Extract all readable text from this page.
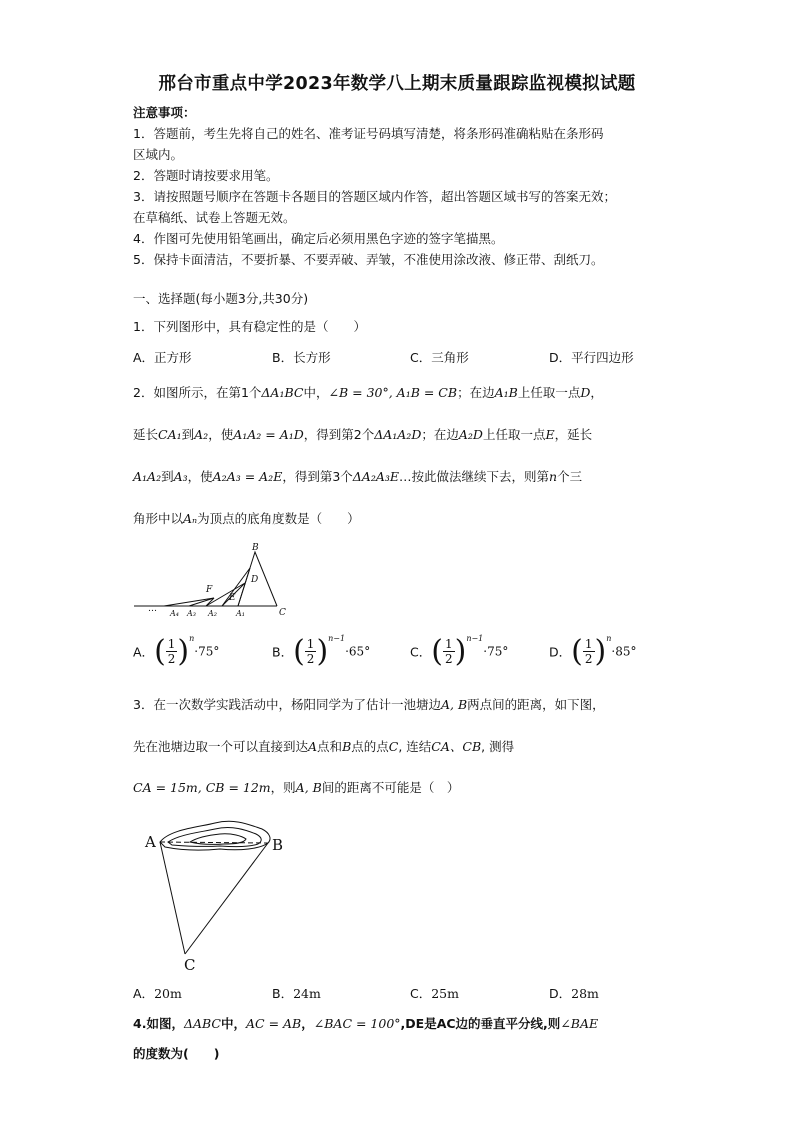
邢台市重点中学2023年数学八上期末质量跟踪监视模拟试题
注意事项：
1．答题前，考生先将自己的姓名、准考证号码填写清楚，将条形码准确粘贴在条形码
区域内。
2．答题时请按要求用笔。
3．请按照题号顺序在答题卡各题目的答题区域内作答，超出答题区域书写的答案无效；
在草稿纸、试卷上答题无效。
4．作图可先使用铅笔画出，确定后必须用黑色字迹的签字笔描黑。
5．保持卡面清洁，不要折暴、不要弄破、弄皱，不准使用涂改液、修正带、刮纸刀。
一、选择题(每小题3分,共30分)
1．下列图形中，具有稳定性的是（　　）
A．正方形	B．长方形	C．三角形	D．平行四边形
2．如图所示，在第1个ΔA₁BC中，∠B = 30°, A₁B = CB；在边A₁B上任取一点D，
延长CA₁到A₂，使A₁A₂ = A₁D，得到第2个ΔA₁A₂D；在边A₂D上任取一点E，延长
A₁A₂到A₃，使A₂A₃ = A₂E，得到第3个ΔA₂A₃E…按此做法继续下去，则第n个三
角形中以Aₙ为顶点的底角度数是（　　）
B
D
F
E
C
… A₄ A₃ A₂ A₁
A．( $\frac{1}{2} )^n\cdot 75^\circ$	B．( $\frac{1}{2} )^{n-1}\cdot 65^\circ$	C．( $\frac{1}{2} )^{n-1}\cdot 75^\circ$	D．( $\frac{1}{2} )^n\cdot 85^\circ$
3．在一次数学实践活动中，杨阳同学为了估计一池塘边A, B两点间的距离，如下图，
先在池塘边取一个可以直接到达A点和B点的点C, 连结CA、CB, 测得
CA = 15m, CB = 12m，则A, B间的距离不可能是（　）
A	B
C
A．20m	B．24m	C．25m	D．28m
4.如图，ΔABC中，AC = AB，∠BAC = 100°,DE是AC边的垂直平分线,则∠BAE
的度数为(　　)
